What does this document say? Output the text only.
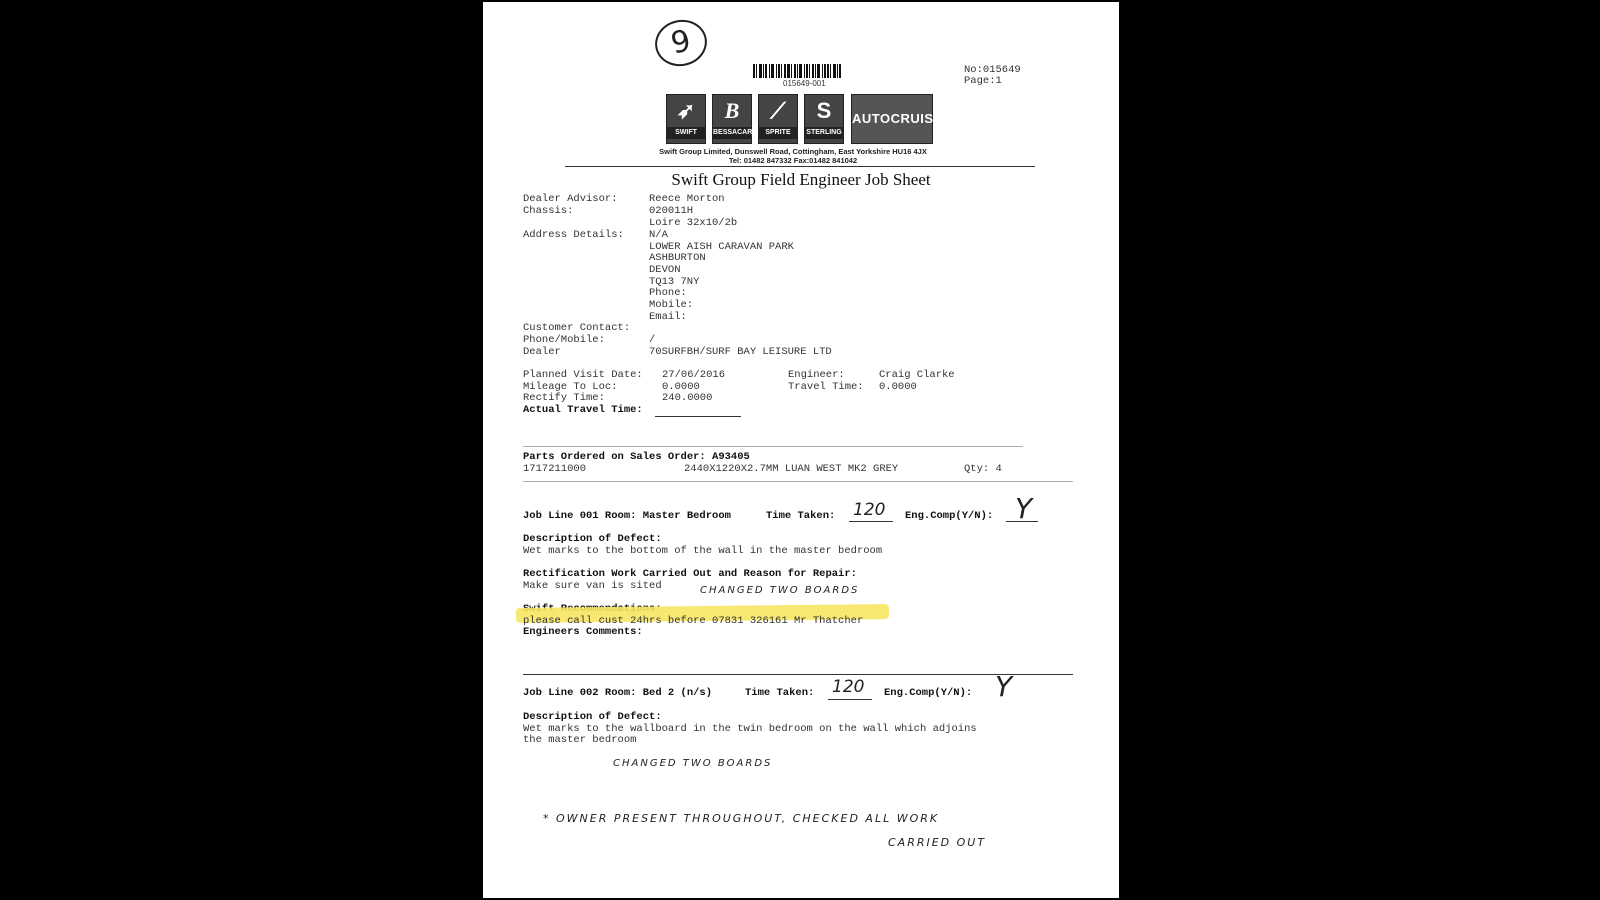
9
015649-001
No:015649
Page:1
➶
SWIFT
B
BESSACARR
⟋
SPRITE
S
STERLING
AUTOCRUISE
Swift Group Limited, Dunswell Road, Cottingham, East Yorkshire HU16 4JX
Tel: 01482 847332 Fax:01482 841042
Swift Group Field Engineer Job Sheet
Dealer Advisor:	Reece Morton
Chassis:	020011H
Loire 32x10/2b
Address Details: N/A
LOWER AISH CARAVAN PARK
ASHBURTON
DEVON
TQ13 7NY
Phone:
Mobile:
Email:
Customer Contact:
Phone/Mobile:	/
Dealer	70SURFBH/SURF BAY LEISURE LTD
Planned Visit Date: 27/06/2016	Engineer:	Craig Clarke
Mileage To Loc:	0.0000	Travel Time: 0.0000
Rectify Time:	240.0000
Actual Travel Time:
Parts Ordered on Sales Order: A93405
1717211000	2440X1220X2.7MM LUAN WEST MK2 GREY	Qty: 4
Job Line 001 Room: Master Bedroom	Time Taken: 120 Eng.Comp(Y/N): Y
Description of Defect:
Wet marks to the bottom of the wall in the master bedroom
Rectification Work Carried Out and Reason for Repair:
Make sure van is sited	CHANGED TWO BOARDS
please call cust 24hrs before 07831 326161 Mr Thatcher
Engineers Comments:
Job Line 002 Room: Bed 2 (n/s)	Time Taken: 120 Eng.Comp(Y/N): Y
Description of Defect:
Wet marks to the wallboard in the twin bedroom on the wall which adjoins
the master bedroom
CHANGED TWO BOARDS
* OWNER PRESENT THROUGHOUT, CHECKED ALL WORK
CARRIED OUT
